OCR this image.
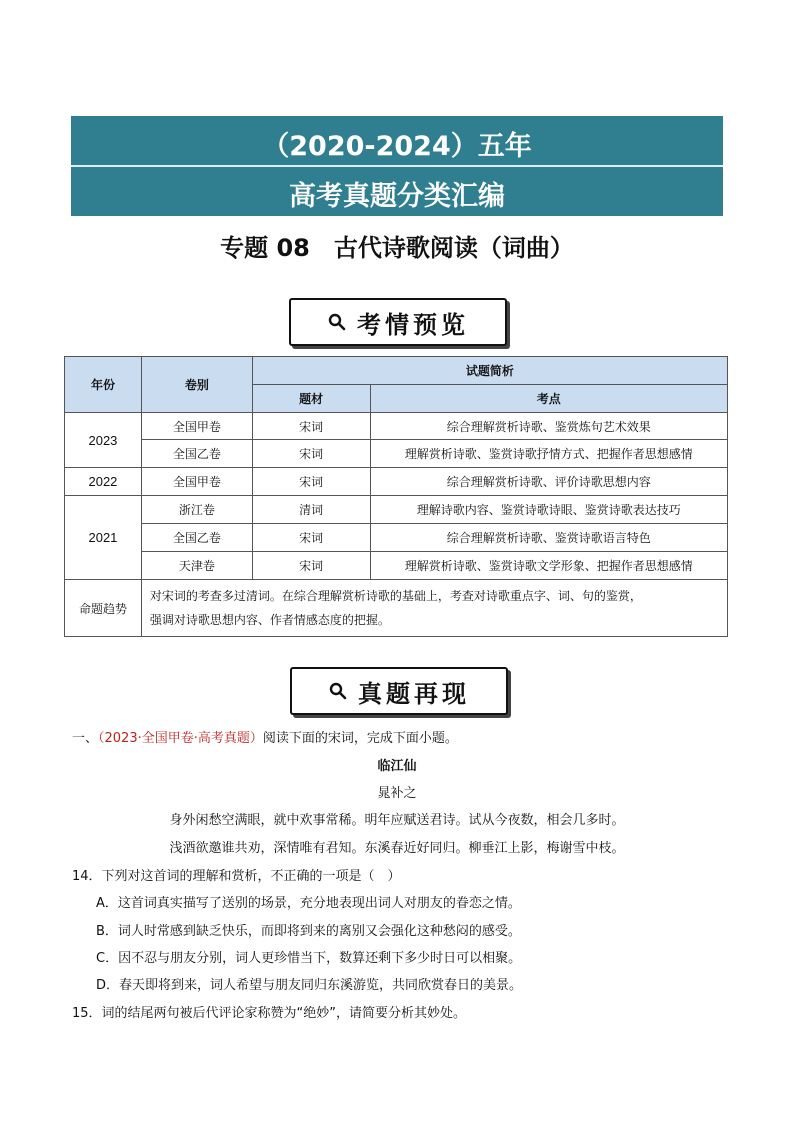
（2020-2024）五年
高考真题分类汇编
专题 08　古代诗歌阅读（词曲）
考情预览
年份	卷别	试题简析	
		题材	考点
2023	全国甲卷	宋词	综合理解赏析诗歌、鉴赏炼句艺术效果
	全国乙卷	宋词	理解赏析诗歌、鉴赏诗歌抒情方式、把握作者思想感情
2022	全国甲卷	宋词	综合理解赏析诗歌、评价诗歌思想内容
2021	浙江卷	清词	理解诗歌内容、鉴赏诗歌诗眼、鉴赏诗歌表达技巧
	全国乙卷	宋词	综合理解赏析诗歌、鉴赏诗歌语言特色
	天津卷	宋词	理解赏析诗歌、鉴赏诗歌文学形象、把握作者思想感情
命题趋势	对宋词的考查多过清词。在综合理解赏析诗歌的基础上，考查对诗歌重点字、词、句的鉴赏，
强调对诗歌思想内容、作者情感态度的把握。		
真题再现
一、（2023·全国甲卷·高考真题）阅读下面的宋词，完成下面小题。
临江仙
晁补之
身外闲愁空满眼，就中欢事常稀。明年应赋送君诗。试从今夜数，相会几多时。
浅酒欲邀谁共劝，深情唯有君知。东溪春近好同归。柳垂江上影，梅谢雪中枝。
14．下列对这首词的理解和赏析，不正确的一项是（　）
A．这首词真实描写了送别的场景，充分地表现出词人对朋友的眷恋之情。
B．词人时常感到缺乏快乐，而即将到来的离别又会强化这种愁闷的感受。
C．因不忍与朋友分别，词人更珍惜当下，数算还剩下多少时日可以相聚。
D．春天即将到来，词人希望与朋友同归东溪游览，共同欣赏春日的美景。
15．词的结尾两句被后代评论家称赞为“绝妙”，请简要分析其妙处。
